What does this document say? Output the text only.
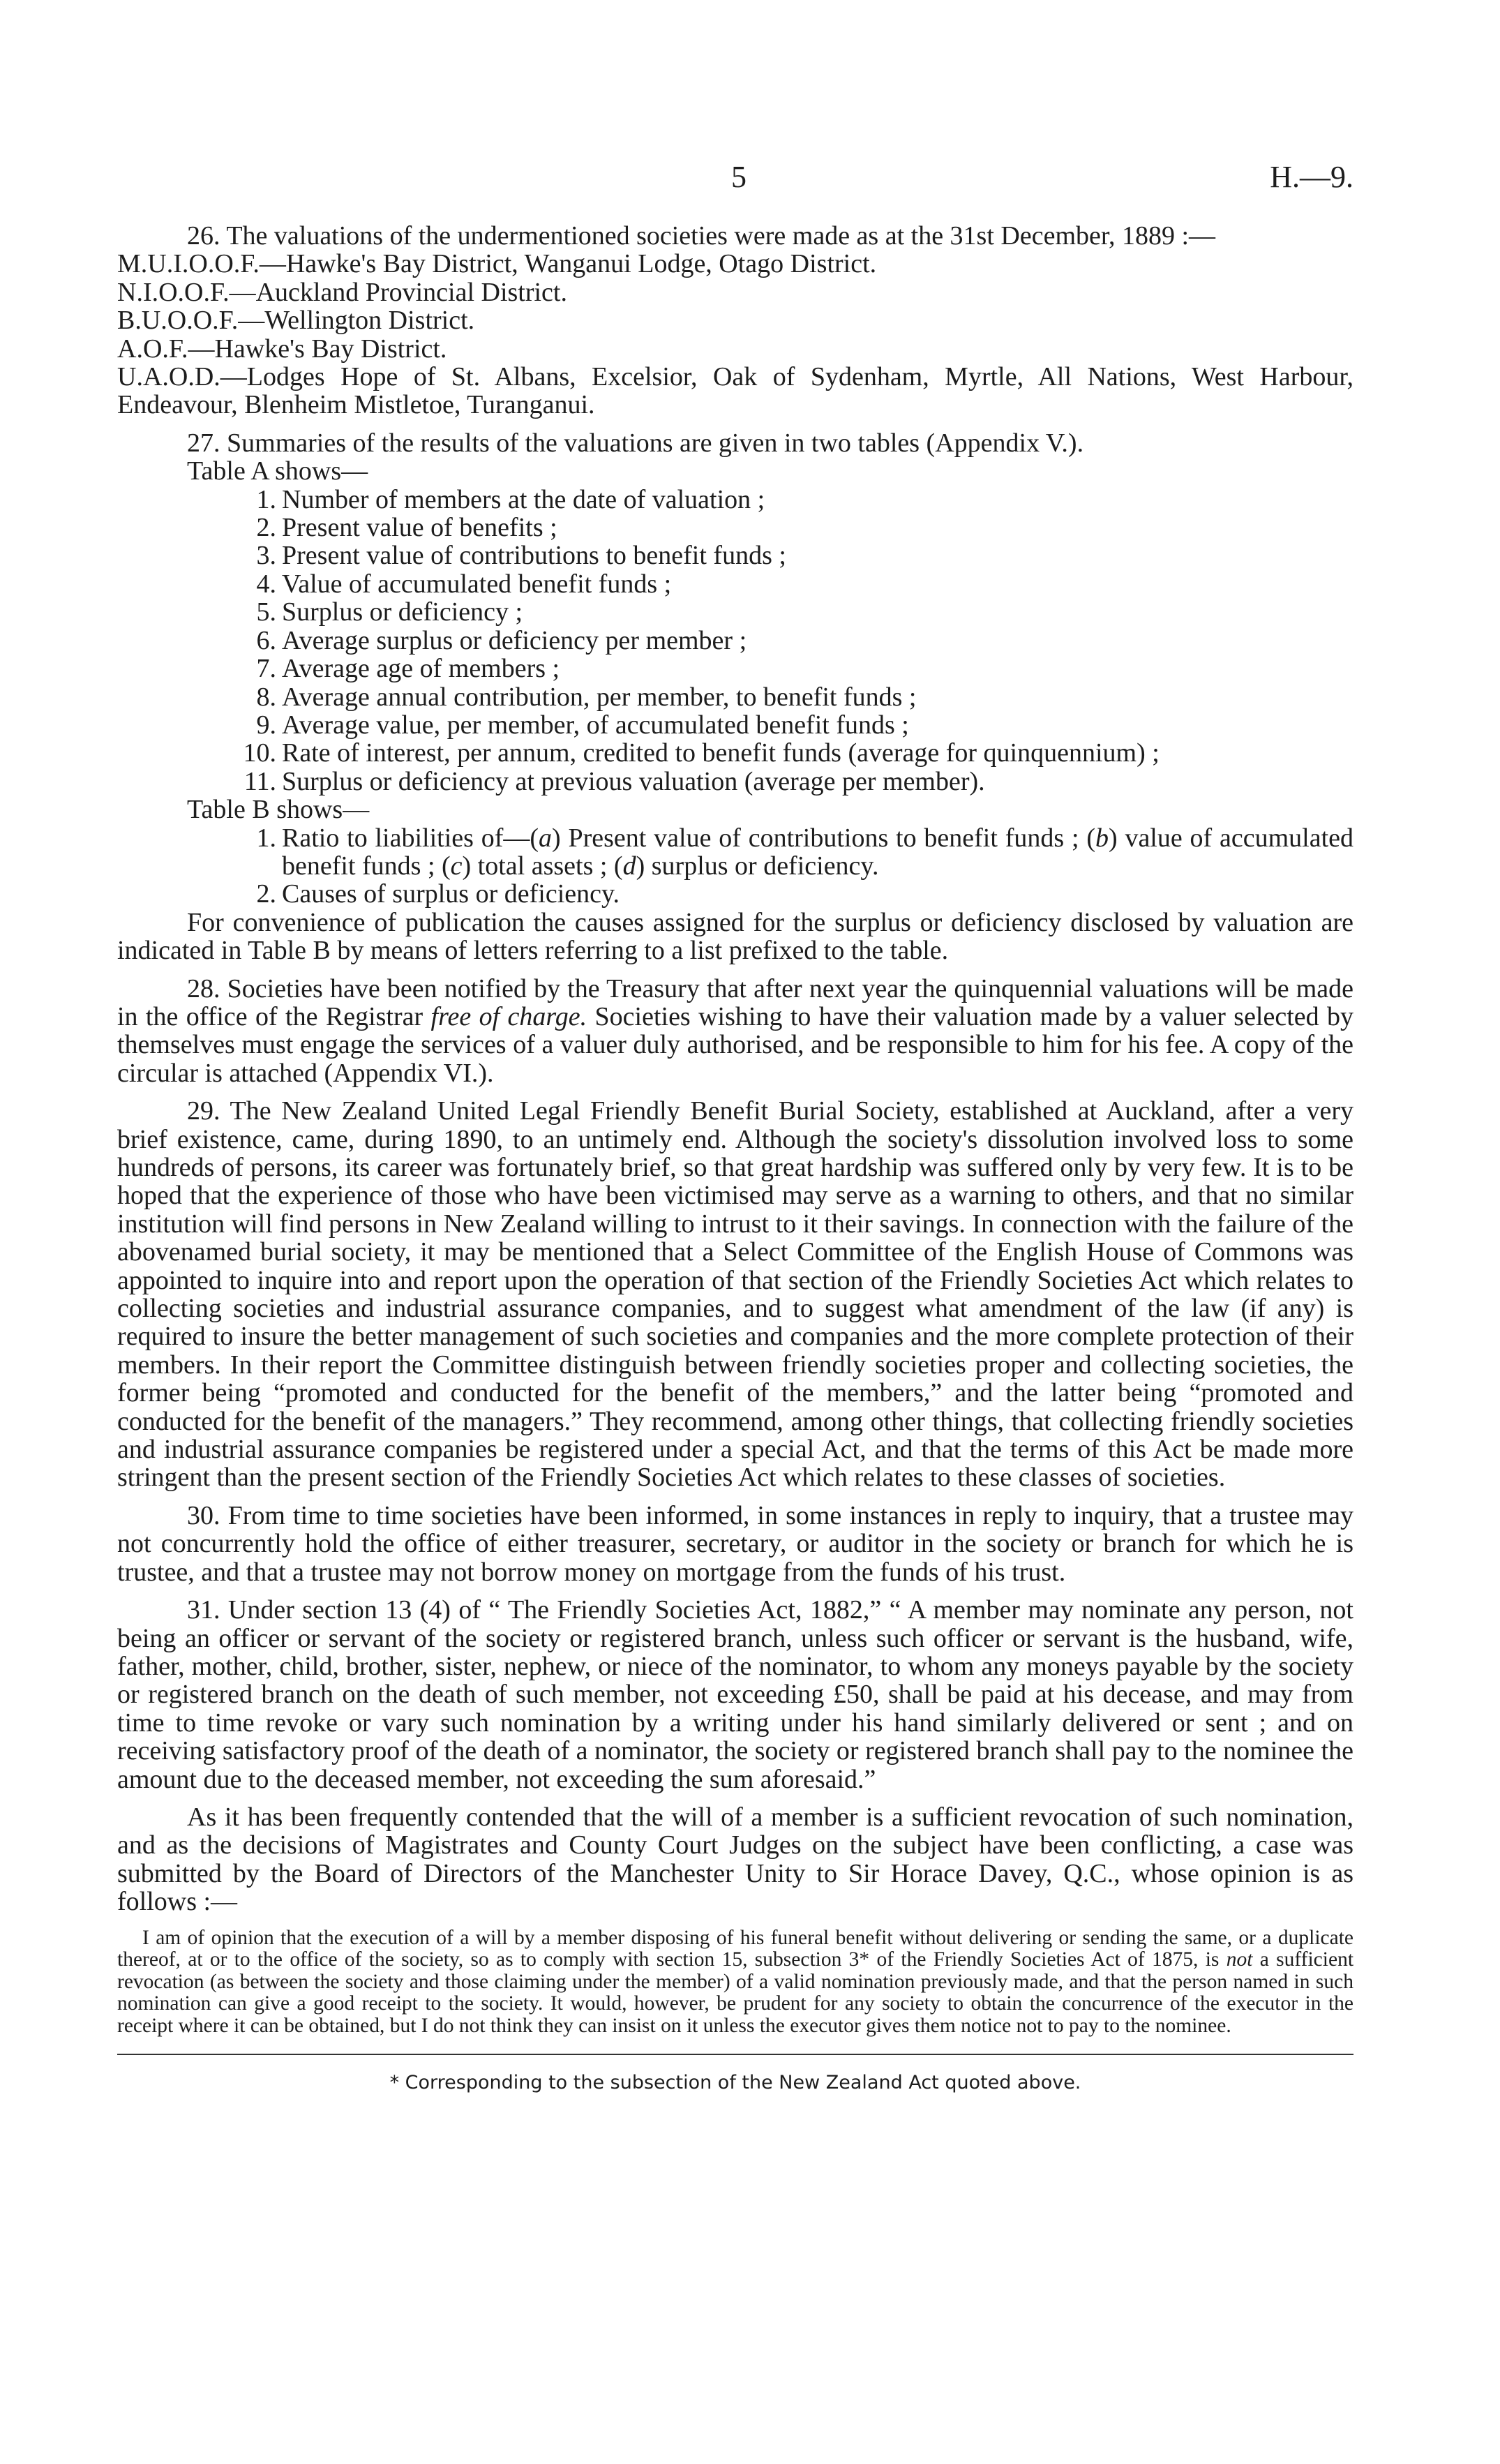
5	H.—9.

26. The valuations of the undermentioned societies were made as at the 31st December, 1889 :—

M.U.I.O.O.F.—Hawke's Bay District, Wanganui Lodge, Otago District.

N.I.O.O.F.—Auckland Provincial District.

B.U.O.O.F.—Wellington District.

A.O.F.—Hawke's Bay District.

U.A.O.D.—Lodges Hope of St. Albans, Excelsior, Oak of Sydenham, Myrtle, All Nations, West Harbour, Endeavour, Blenheim Mistletoe, Turanganui.

27. Summaries of the results of the valuations are given in two tables (Appendix V.).

Table A shows—

1. Number of members at the date of valuation ;
2. Present value of benefits ;
3. Present value of contributions to benefit funds ;
4. Value of accumulated benefit funds ;
5. Surplus or deficiency ;
6. Average surplus or deficiency per member ;
7. Average age of members ;
8. Average annual contribution, per member, to benefit funds ;
9. Average value, per member, of accumulated benefit funds ;
10. Rate of interest, per annum, credited to benefit funds (average for quinquennium) ;
11. Surplus or deficiency at previous valuation (average per member).

Table B shows—

1. Ratio to liabilities of—(a) Present value of contributions to benefit funds ; (b) value of accumulated benefit funds ; (c) total assets ; (d) surplus or deficiency.
2. Causes of surplus or deficiency.

For convenience of publication the causes assigned for the surplus or deficiency disclosed by valuation are indicated in Table B by means of letters referring to a list prefixed to the table.

28. Societies have been notified by the Treasury that after next year the quinquennial valuations will be made in the office of the Registrar free of charge. Societies wishing to have their valuation made by a valuer selected by themselves must engage the services of a valuer duly authorised, and be responsible to him for his fee. A copy of the circular is attached (Appendix VI.).

29. The New Zealand United Legal Friendly Benefit Burial Society, established at Auckland, after a very brief existence, came, during 1890, to an untimely end. Although the society's dissolution involved loss to some hundreds of persons, its career was fortunately brief, so that great hardship was suffered only by very few. It is to be hoped that the experience of those who have been victimised may serve as a warning to others, and that no similar institution will find persons in New Zealand willing to intrust to it their savings. In connection with the failure of the abovenamed burial society, it may be mentioned that a Select Committee of the English House of Commons was appointed to inquire into and report upon the operation of that section of the Friendly Societies Act which relates to collecting societies and industrial assurance companies, and to suggest what amendment of the law (if any) is required to insure the better management of such societies and companies and the more complete protection of their members. In their report the Committee distinguish between friendly societies proper and collecting societies, the former being “promoted and conducted for the benefit of the members,” and the latter being “promoted and conducted for the benefit of the managers.” They recommend, among other things, that collecting friendly societies and industrial assurance companies be registered under a special Act, and that the terms of this Act be made more stringent than the present section of the Friendly Societies Act which relates to these classes of societies.

30. From time to time societies have been informed, in some instances in reply to inquiry, that a trustee may not concurrently hold the office of either treasurer, secretary, or auditor in the society or branch for which he is trustee, and that a trustee may not borrow money on mortgage from the funds of his trust.

31. Under section 13 (4) of “ The Friendly Societies Act, 1882,” “ A member may nominate any person, not being an officer or servant of the society or registered branch, unless such officer or servant is the husband, wife, father, mother, child, brother, sister, nephew, or niece of the nominator, to whom any moneys payable by the society or registered branch on the death of such member, not exceeding £50, shall be paid at his decease, and may from time to time revoke or vary such nomination by a writing under his hand similarly delivered or sent ; and on receiving satisfactory proof of the death of a nominator, the society or registered branch shall pay to the nominee the amount due to the deceased member, not exceeding the sum aforesaid.”

As it has been frequently contended that the will of a member is a sufficient revocation of such nomination, and as the decisions of Magistrates and County Court Judges on the subject have been conflicting, a case was submitted by the Board of Directors of the Manchester Unity to Sir Horace Davey, Q.C., whose opinion is as follows :—

I am of opinion that the execution of a will by a member disposing of his funeral benefit without delivering or sending the same, or a duplicate thereof, at or to the office of the society, so as to comply with section 15, subsection 3* of the Friendly Societies Act of 1875, is not a sufficient revocation (as between the society and those claiming under the member) of a valid nomination previously made, and that the person named in such nomination can give a good receipt to the society. It would, however, be prudent for any society to obtain the concurrence of the executor in the receipt where it can be obtained, but I do not think they can insist on it unless the executor gives them notice not to pay to the nominee.

* Corresponding to the subsection of the New Zealand Act quoted above.
